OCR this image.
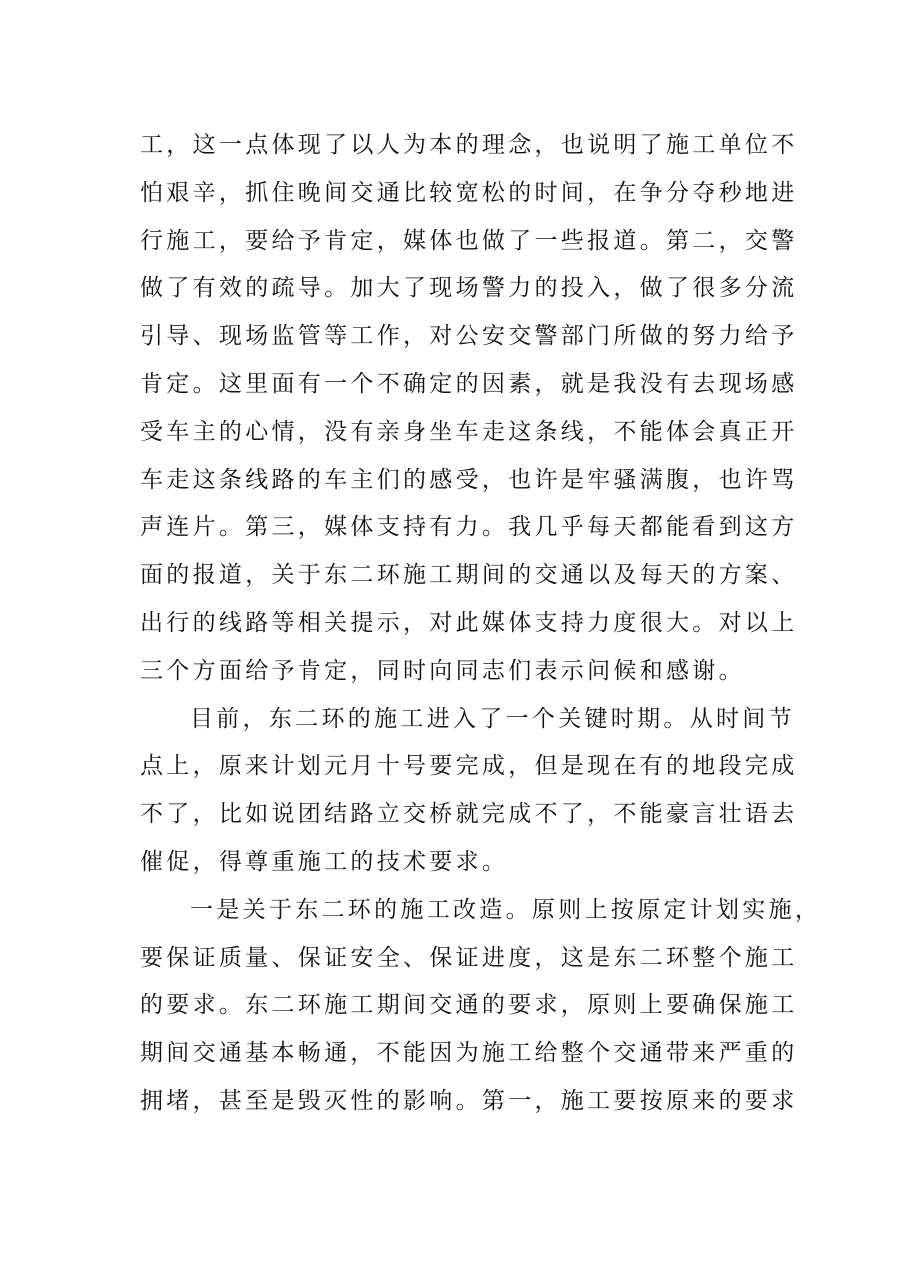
工，这一点体现了以人为本的理念，也说明了施工单位不

怕艰辛，抓住晚间交通比较宽松的时间，在争分夺秒地进

行施工，要给予肯定，媒体也做了一些报道。第二，交警

做了有效的疏导。加大了现场警力的投入，做了很多分流

引导、现场监管等工作，对公安交警部门所做的努力给予

肯定。这里面有一个不确定的因素，就是我没有去现场感

受车主的心情，没有亲身坐车走这条线，不能体会真正开

车走这条线路的车主们的感受，也许是牢骚满腹，也许骂

声连片。第三，媒体支持有力。我几乎每天都能看到这方

面的报道，关于东二环施工期间的交通以及每天的方案、

出行的线路等相关提示，对此媒体支持力度很大。对以上

三个方面给予肯定，同时向同志们表示问候和感谢。

目前，东二环的施工进入了一个关键时期。从时间节

点上，原来计划元月十号要完成，但是现在有的地段完成

不了，比如说团结路立交桥就完成不了，不能豪言壮语去

催促，得尊重施工的技术要求。

一是关于东二环的施工改造。原则上按原定计划实施，

要保证质量、保证安全、保证进度，这是东二环整个施工

的要求。东二环施工期间交通的要求，原则上要确保施工

期间交通基本畅通，不能因为施工给整个交通带来严重的

拥堵，甚至是毁灭性的影响。第一，施工要按原来的要求
